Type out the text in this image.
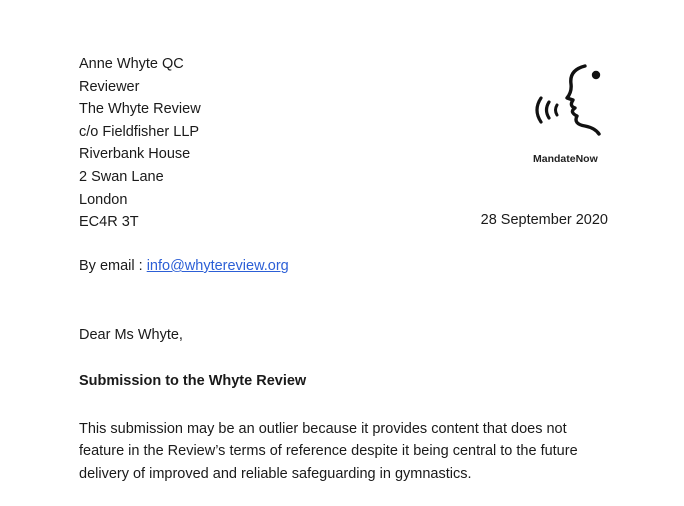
Anne Whyte QC
Reviewer
The Whyte Review
c/o Fieldfisher LLP
Riverbank House
2 Swan Lane
London
EC4R 3T
MandateNow
28 September 2020
By email : info@whytereview.org
Dear Ms Whyte,
Submission to the Whyte Review
This submission may be an outlier because it provides content that does not
feature in the Review’s terms of reference despite it being central to the future
delivery of improved and reliable safeguarding in gymnastics.
